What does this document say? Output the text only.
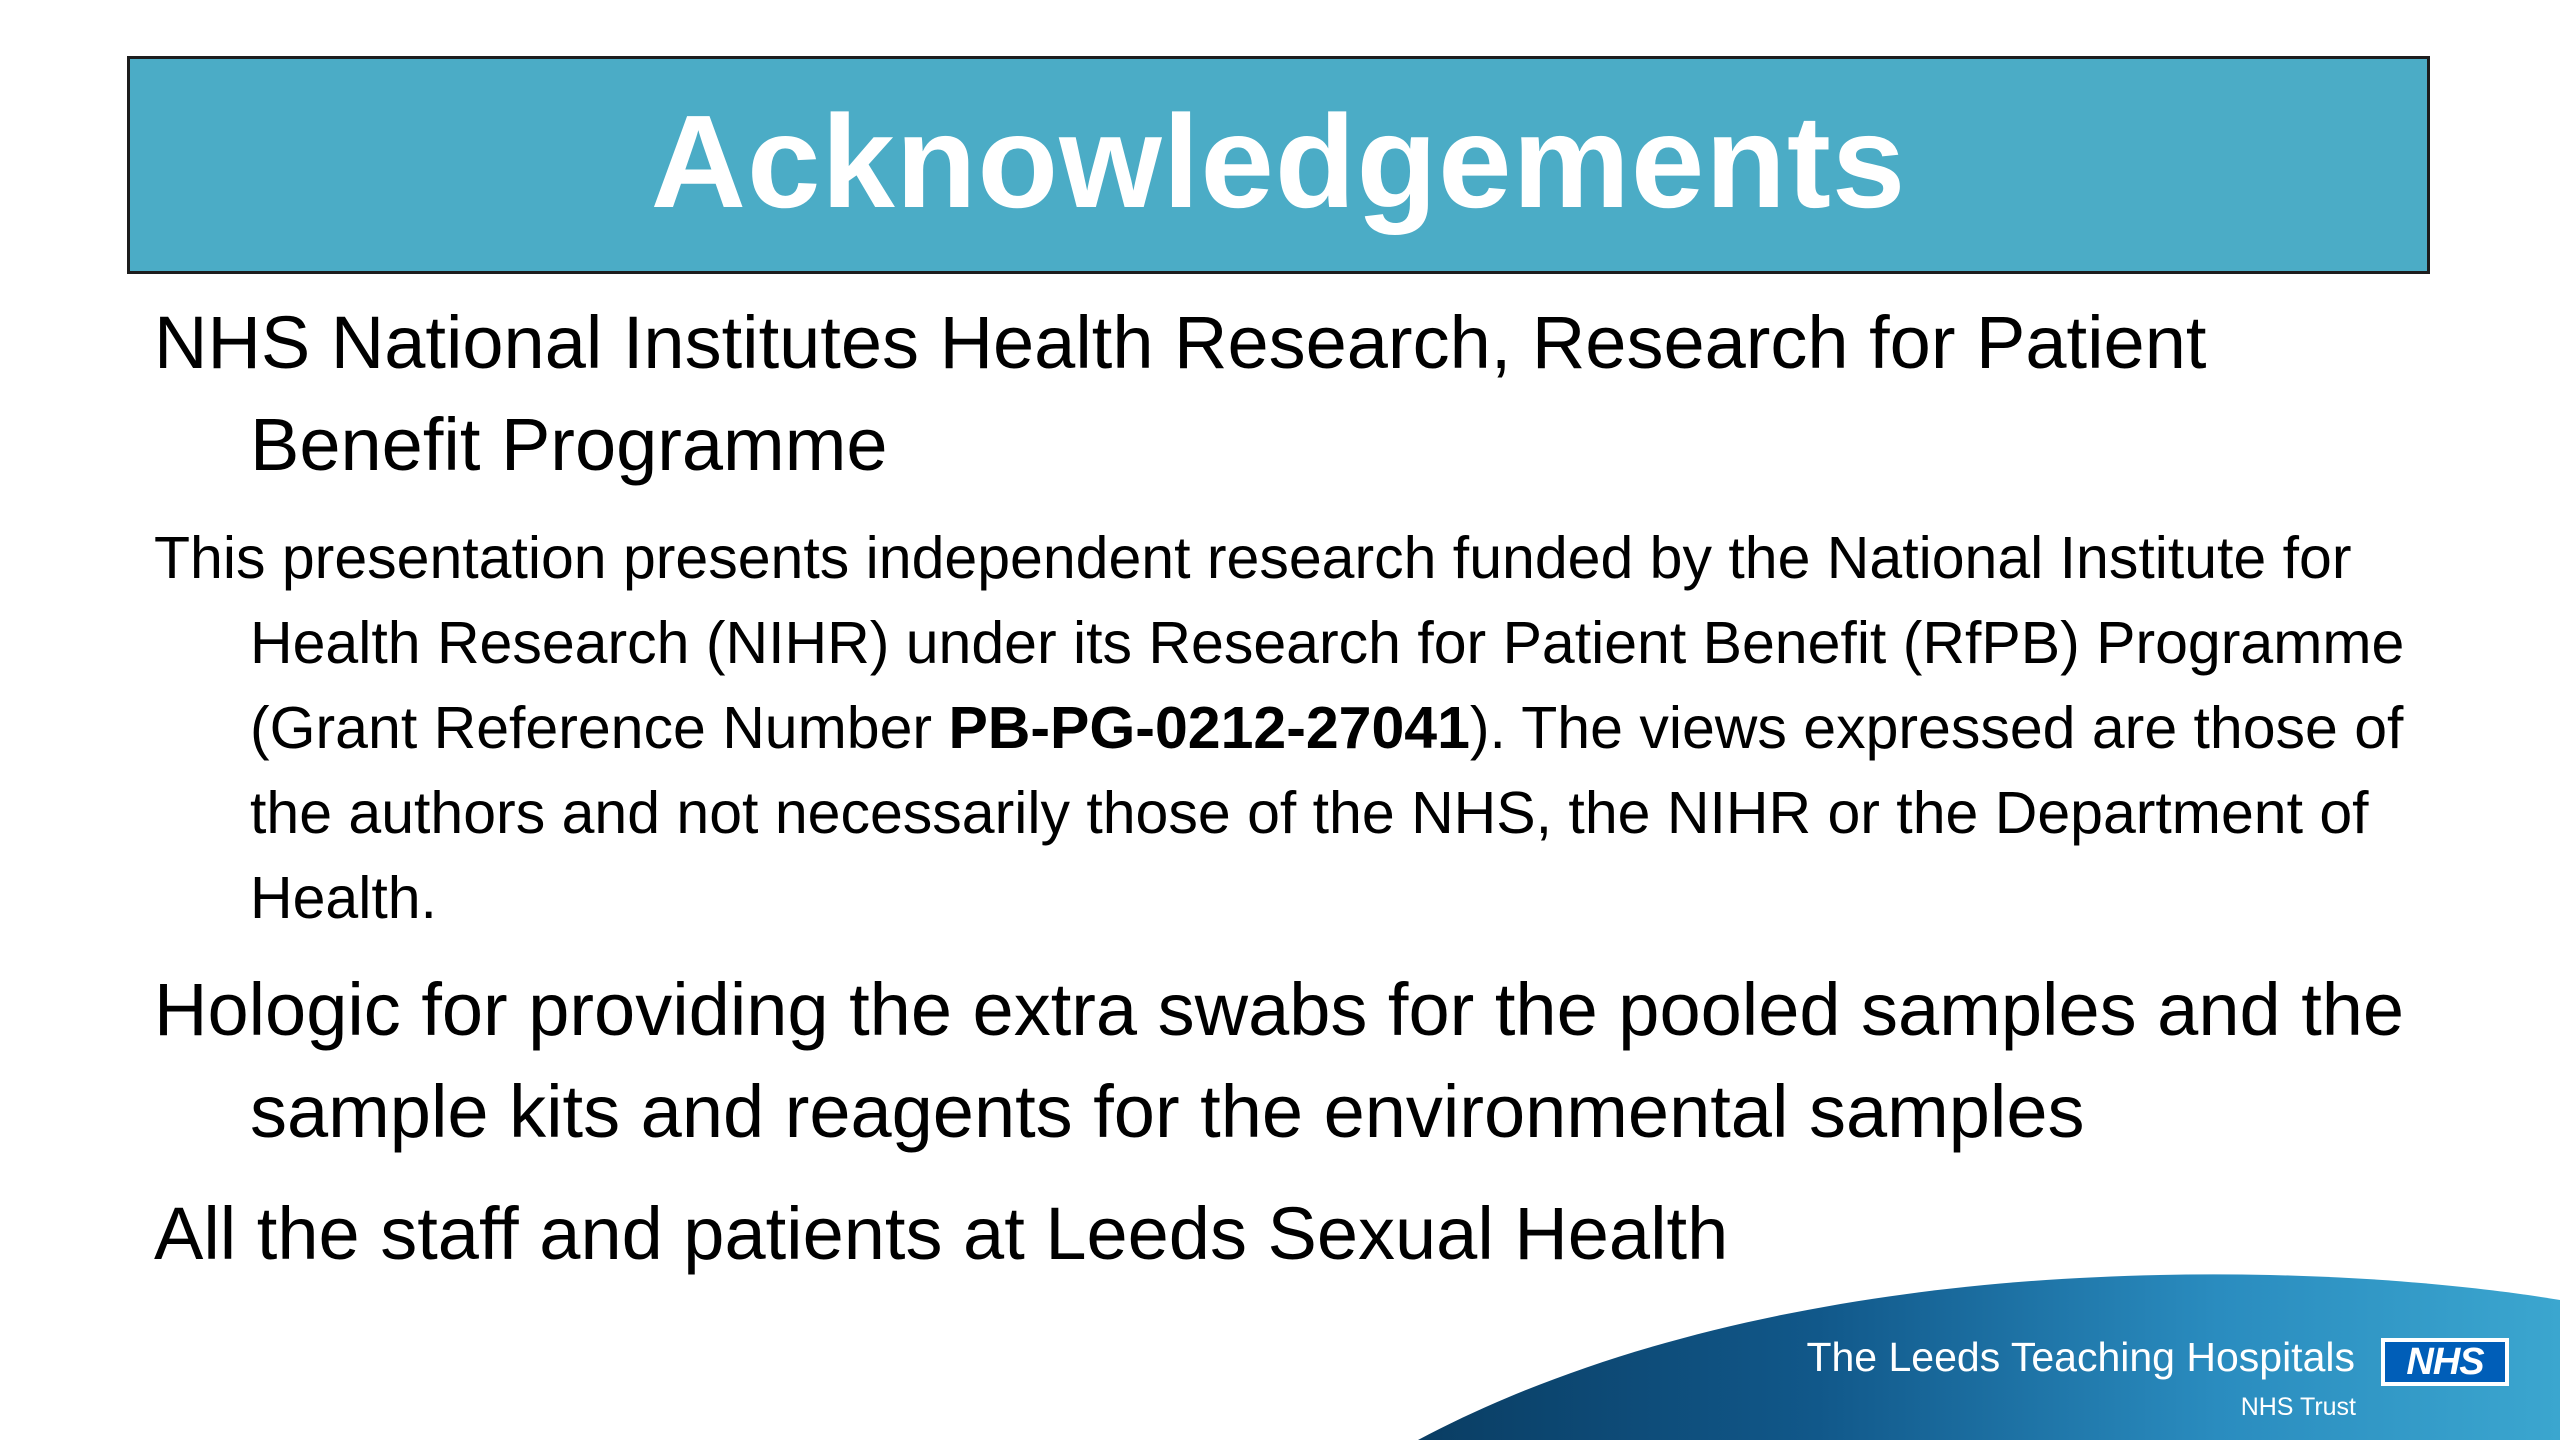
Acknowledgements

NHS National Institutes Health Research, Research for Patient Benefit Programme

This presentation presents independent research funded by the National Institute for Health Research (NIHR) under its Research for Patient Benefit (RfPB) Programme (Grant Reference Number PB-PG-0212-27041). The views expressed are those of the authors and not necessarily those of the NHS, the NIHR or the Department of Health.

Hologic for providing the extra swabs for the pooled samples and the sample kits and reagents for the environmental samples

All the staff and patients at Leeds Sexual Health

The Leeds Teaching Hospitals
NHS Trust
NHS
